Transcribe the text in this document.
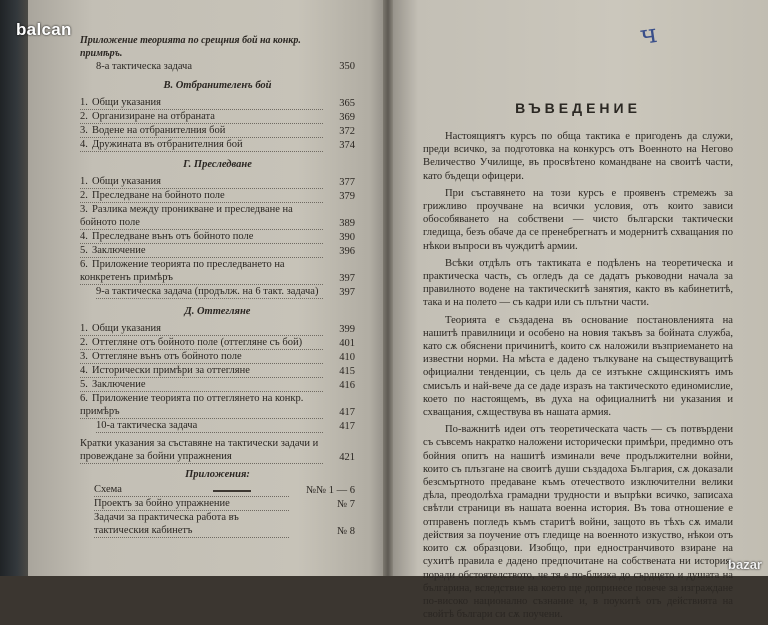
balcan
Приложение теорията по срещния бой на конкр. примѣръ.
8-а тактическа задача	350
В. Отбранителенъ бой
1. Общи указания	365
2. Организиране на отбраната	369
3. Водене на отбранителния бой	372
4. Дружината въ отбранителния бой	374
Г. Преследване
1. Общи указания	377
2. Преследване на бойното поле	379
3. Разлика между проникване и преследване на бойното поле	389
4. Преследване вънъ отъ бойното поле	390
5. Заключение	396
6. Приложение теорията по преследването на конкретенъ примѣръ	397
9-а тактическа задача (продълж. на 6 такт. задача)	397
Д. Оттегляне
1. Общи указания	399
2. Оттегляне отъ бойното поле (оттегляне съ бой)	401
3. Оттегляне вънъ отъ бойното поле	410
4. Исторически примѣри за оттегляне	415
5. Заключение	416
6. Приложение теорията по оттеглянето на конкр. примѣръ	417
10-а тактическа задача	417
Кратки указания за съставяне на тактически задачи и провеждане за бойни упражнения	421
Приложения:
Схема	№№ 1 — 6
Проектъ за бойно упражнение	№ 7
Задачи за практическа работа въ тактическия кабинетъ	№ 8
ч
ВЪВЕДЕНИЕ

Настоящиятъ курсъ по обща тактика е пригоденъ да служи, преди всичко, за подготовка на конкурсъ отъ Военното на Негово Величество Училище, въ просвѣтено командване на своитѣ части, като бъдещи офицери.

При съставянето на този курсъ е проявенъ стремежъ за грижливо проучване на всички условия, отъ които зависи обособяването на собствени — чисто български тактически гледища, безъ обаче да се пренебрегнатъ и модернитѣ схващания по нѣкои въпроси въ чуждитѣ армии.

Всѣки отдѣлъ отъ тактиката е подѣленъ на теоретическа и практическа часть, съ огледъ да се дадатъ ръководни начала за правилното водене на тактическитѣ занятия, както въ кабинетитѣ, така и на полето — съ кадри или съ плътни части.

Теорията е създадена въ основание постановленията на нашитѣ правилници и особено на новия такъвъ за бойната служба, като сѫ обяснени причинитѣ, които сѫ наложили възприемането на известни норми. На мѣста е дадено тълкуване на съществуващитѣ официални тенденции, съ цель да се изтъкне сѫщинскиятъ имъ смисълъ и най-вече да се даде изразъ на тактическото единомислие, което по настоящемъ, въ духа на официалнитѣ ни указания и схващания, сѫществува въ нашата армия.

По-важнитѣ идеи отъ теоретическата часть — съ потвърдени съ съвсемъ накратко наложени исторически примѣри, предимно отъ бойния опитъ на нашитѣ изминали вече продължителни войни, които съ плъзгане на своитѣ души създадоха България, сѫ доказали безсмъртното предаване къмъ отечеството изключителни велики дѣла, преодолѣха грамадни трудности и въпрѣки всичко, записаха свѣтли страници въ нашата военна история. Въ това отношение е отправенъ погледъ къмъ старитѣ войни, защото въ тѣхъ сѫ имали действия за поучение отъ гледище на военното изкуство, нѣкои отъ които сѫ образцови. Изобщо, при едностранчивото взиране на сухитѣ правила е дадено предпочитане на собствената ни история, поради обстоятелството, че тя е по-близка до сърдцето и душата на българина, вследствие на което ще допринесе повече за изграждане по-високо национално съзнание и, в поукитѣ отъ действията на свойтѣ българи си сѫ поучени.

bazar
